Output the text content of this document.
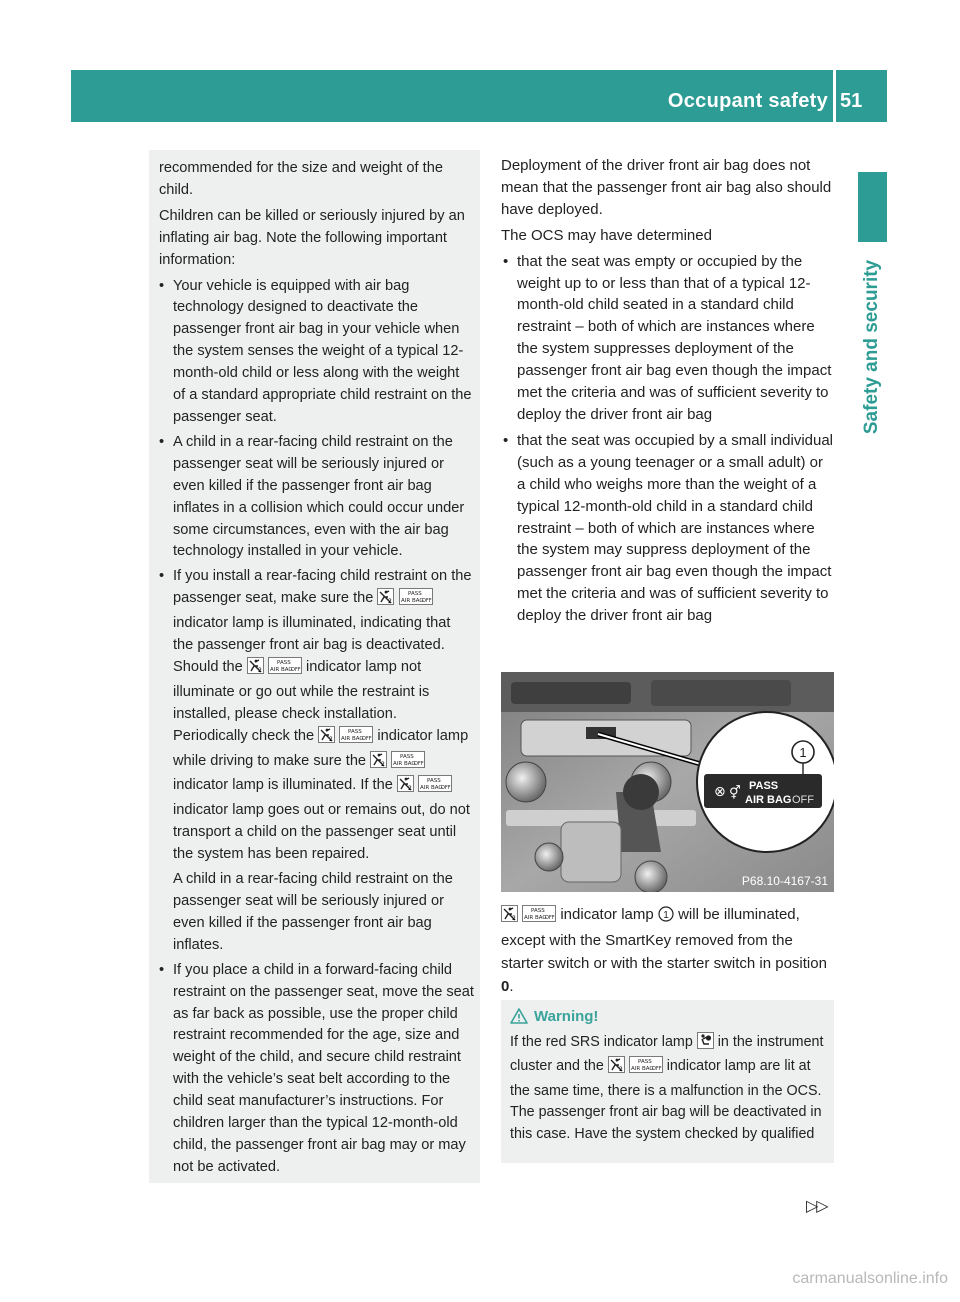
Occupant safety 51
Safety and security

recommended for the size and weight of the child.

Children can be killed or seriously injured by an inflating air bag. Note the following important information:

• Your vehicle is equipped with air bag technology designed to deactivate the passenger front air bag in your vehicle when the system senses the weight of a typical 12-month-old child or less along with the weight of a standard appropriate child restraint on the passenger seat.
• A child in a rear-facing child restraint on the passenger seat will be seriously injured or even killed if the passenger front air bag inflates in a collision which could occur under some circumstances, even with the air bag technology installed in your vehicle.
• If you install a rear-facing child restraint on the passenger seat, make sure the	2

PASS
AIR BAG
OFF
indicator lamp is illuminated, indicating that the passenger front air bag is deactivated. Should the	2

PASS
AIR BAG
OFF indicator lamp not illuminate or go out while the restraint is installed, please check installation. Periodically check the	2

PASS
AIR BAG
OFF indicator lamp while driving to make sure the	2

PASS
AIR BAG
OFF
indicator lamp is illuminated. If the	2

PASS
AIR BAG
OFF
indicator lamp goes out or remains out, do not transport a child on the passenger seat until the system has been repaired.
A child in a rear-facing child restraint on the passenger seat will be seriously injured or even killed if the passenger front air bag inflates.
• If you place a child in a forward-facing child restraint on the passenger seat, move the seat as far back as possible, use the proper child restraint recommended for the age, size and weight of the child, and secure child restraint with the vehicle’s seat belt according to the child seat manufacturer’s instructions. For children larger than the typical 12-month-old child, the passenger front air bag may or may not be activated.

Deployment of the driver front air bag does not mean that the passenger front air bag also should have deployed.

The OCS may have determined

• that the seat was empty or occupied by the weight up to or less than that of a typical 12-month-old child seated in a standard child restraint – both of which are instances where the system suppresses deployment of the passenger front air bag even though the impact met the criteria and was of sufficient severity to deploy the driver front air bag
• that the seat was occupied by a small individual (such as a young teenager or a small adult) or a child who weighs more than the weight of a typical 12-month-old child in a standard child restraint – both of which are instances where the system may suppress deployment of the passenger front air bag even though the impact met the criteria and was of sufficient severity to deploy the driver front air bag
1
⊗ ⚥ PASS
AIR BAG OFF
P68.10-4167-31
2

PASS
AIR BAG
OFF indicator lamp 1 will be illuminated, except with the SmartKey removed from the starter switch or with the starter switch in position 0.
Warning!
If the red SRS indicator lamp in the instrument cluster and the 2

PASS
AIR BAG
OFF indicator lamp are lit at the same time, there is a malfunction in the OCS. The passenger front air bag will be deactivated in this case. Have the system checked by qualified
▷▷
carmanualsonline.info
